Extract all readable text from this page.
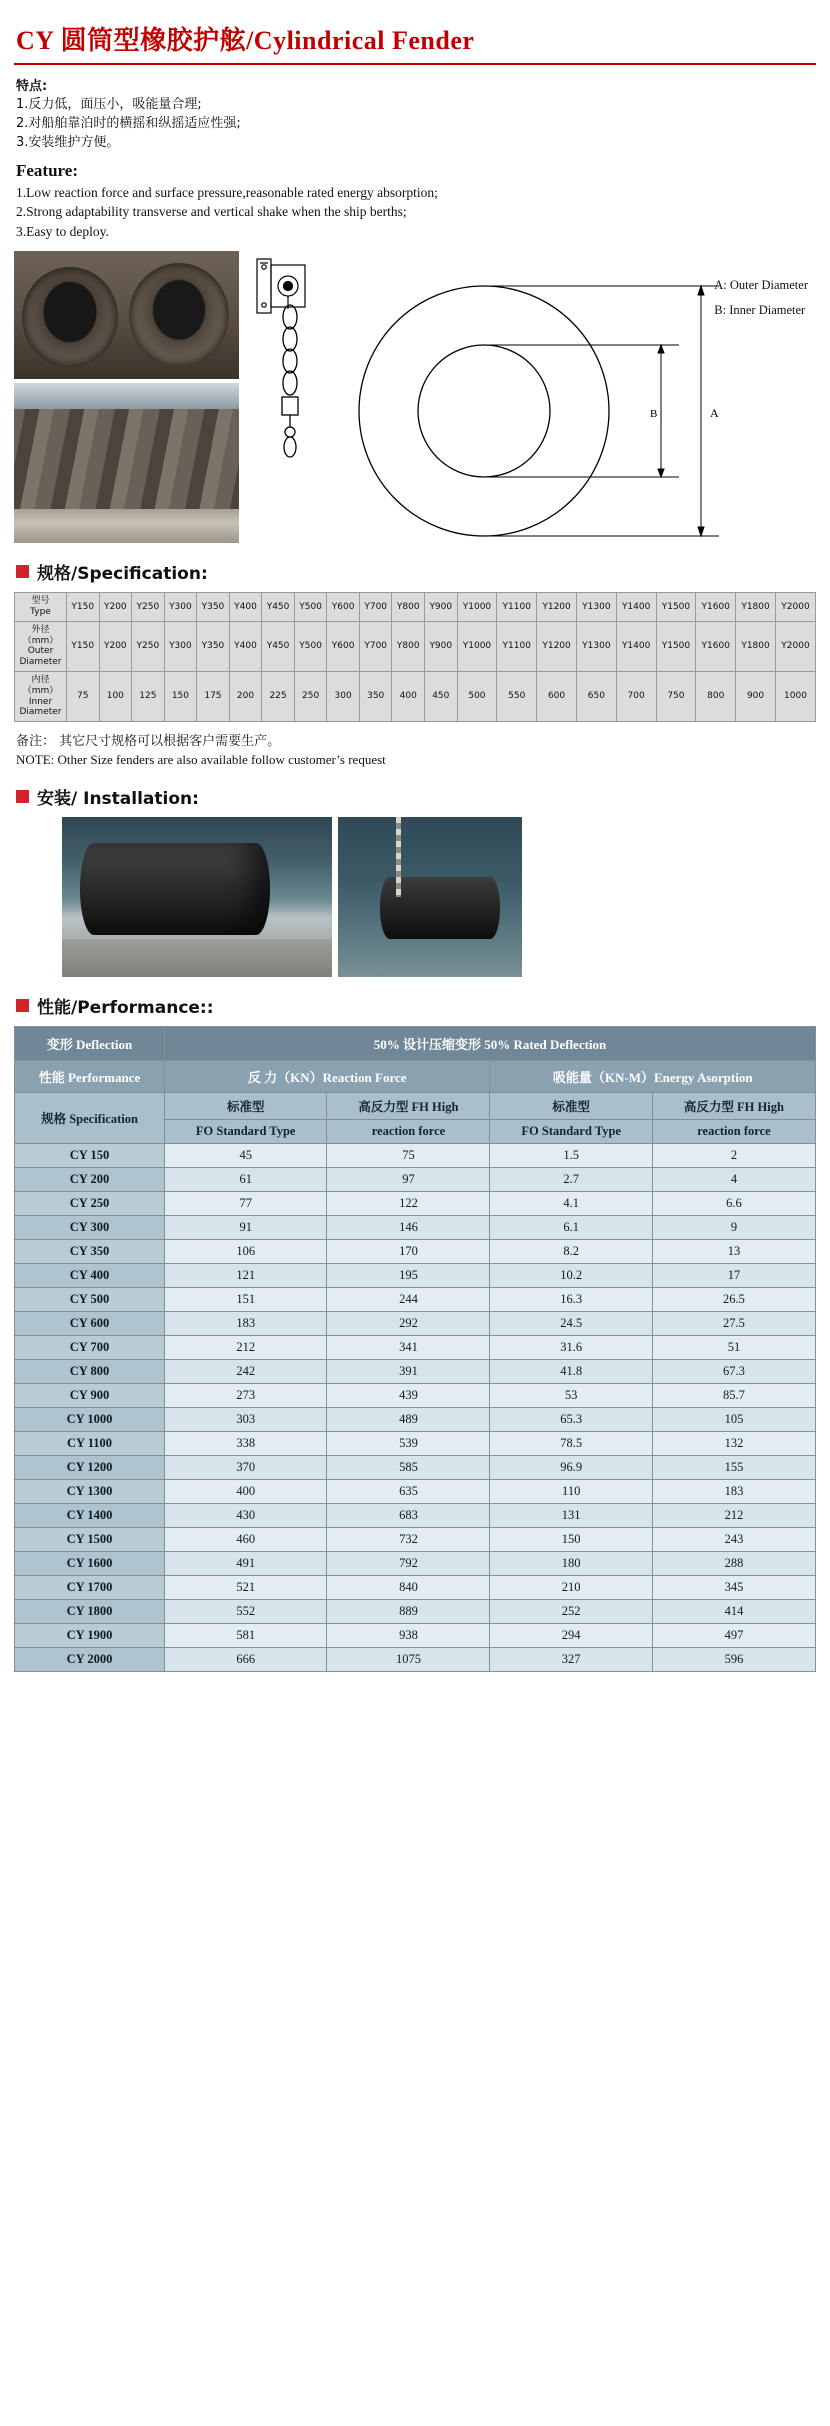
CY 圆筒型橡胶护舷/Cylindrical Fender
特点:
1.反力低，面压小，吸能量合理;
2.对船舶靠泊时的横摇和纵摇适应性强;
3.安装维护方便。
Feature:
1.Low reaction force and surface pressure,reasonable rated energy absorption;
2.Strong adaptability transverse and vertical shake when the ship berths;
3.Easy to deploy.
B	A
A: Outer Diameter
B: Inner Diameter
规格/Specification:
型号
Type	Y150	Y200	Y250	Y300	Y350	Y400	Y450	Y500	Y600	Y700	Y800	Y900	Y1000	Y1100	Y1200	Y1300	Y1400	Y1500	Y1600	Y1800	Y2000

外径
（mm）
Outer Diameter	Y150	Y200	Y250	Y300	Y350	Y400	Y450	Y500	Y600	Y700	Y800	Y900	Y1000	Y1100	Y1200	Y1300	Y1400	Y1500	Y1600	Y1800	Y2000

内径
（mm）
Inner Diameter	75	100	125	150	175	200	225	250	300	350	400	450	500	550	600	650	700	750	800	900	1000
备注： 其它尺寸规格可以根据客户需要生产。
NOTE: Other Size fenders are also available follow customer’s request
安装/ Installation:
性能/Performance::
变形 Deflection	50% 设计压缩变形 50% Rated Deflection			
性能 Performance	反 力（KN）Reaction Force		吸能量（KN-M）Energy Asorption	
规格 Specification	标准型	高反力型 FH High	标准型	高反力型 FH High
	FO Standard Type	reaction force	FO Standard Type	reaction force
CY 150	45	75	1.5	2
CY 200	61	97	2.7	4
CY 250	77	122	4.1	6.6
CY 300	91	146	6.1	9
CY 350	106	170	8.2	13
CY 400	121	195	10.2	17
CY 500	151	244	16.3	26.5
CY 600	183	292	24.5	27.5
CY 700	212	341	31.6	51
CY 800	242	391	41.8	67.3
CY 900	273	439	53	85.7
CY 1000	303	489	65.3	105
CY 1100	338	539	78.5	132
CY 1200	370	585	96.9	155
CY 1300	400	635	110	183
CY 1400	430	683	131	212
CY 1500	460	732	150	243
CY 1600	491	792	180	288
CY 1700	521	840	210	345
CY 1800	552	889	252	414
CY 1900	581	938	294	497
CY 2000	666	1075	327	596
